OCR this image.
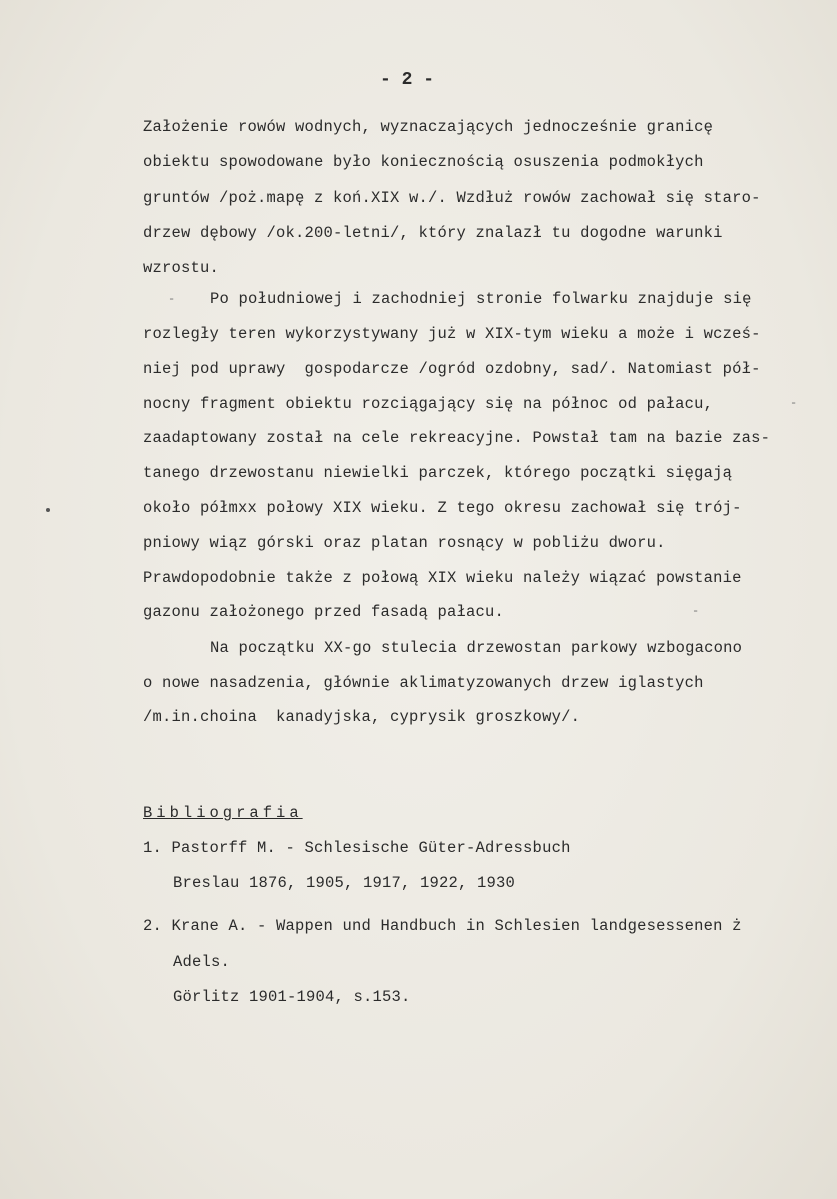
- 2 -
Założenie rowów wodnych, wyznaczających jednocześnie granicę
obiektu spowodowane było koniecznością osuszenia podmokłych
gruntów /poż.mapę z koń.XIX w./. Wzdłuż rowów zachował się staro-
drzew dębowy /ok.200-letni/, który znalazł tu dogodne warunki
wzrostu.
Po południowej i zachodniej stronie folwarku znajduje się
rozległy teren wykorzystywany już w XIX-tym wieku a może i wcześ-
niej pod uprawy  gospodarcze /ogród ozdobny, sad/. Natomiast pół-
nocny fragment obiektu rozciągający się na północ od pałacu,
zaadaptowany został na cele rekreacyjne. Powstał tam na bazie zas-
tanego drzewostanu niewielki parczek, którego początki sięgają
około półmxx połowy XIX wieku. Z tego okresu zachował się trój-
pniowy wiąz górski oraz platan rosnący w pobliżu dworu.
Prawdopodobnie także z połową XIX wieku należy wiązać powstanie
gazonu założonego przed fasadą pałacu.
Na początku XX-go stulecia drzewostan parkowy wzbogacono
o nowe nasadzenia, głównie aklimatyzowanych drzew iglastych
/m.in.choina  kanadyjska, cyprysik groszkowy/.
Bibliografia
1. Pastorff M. - Schlesische Güter-Adressbuch
Breslau 1876, 1905, 1917, 1922, 1930
2. Krane A. - Wappen und Handbuch in Schlesien landgesessenen ż
Adels.
Görlitz 1901-1904, s.153.
-
-
-
